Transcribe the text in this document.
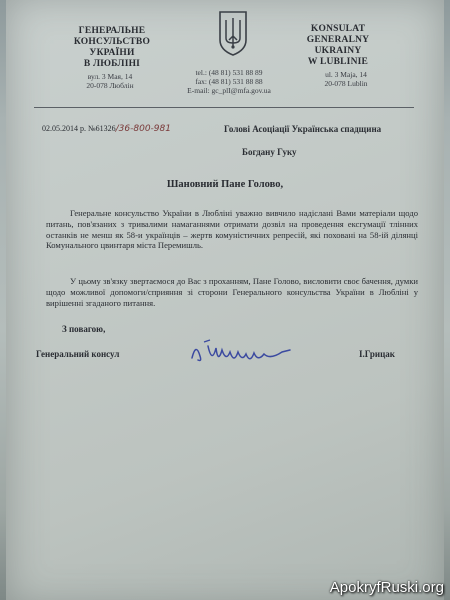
ГЕНЕРАЛЬНЕ
КОНСУЛЬСТВО УКРАЇНИ
В ЛЮБЛІНІ
вул. 3 Мая, 14
20-078 Люблін
tel.: (48 81) 531 88 89
fax: (48 81) 531 88 88
E-mail: gc_plI@mfa.gov.ua
KONSULAT
GENERALNY UKRAINY
W LUBLINIE
ul. 3 Maja, 14
20-078 Lublin
02.05.2014 р. №61326/36-800-981	Голові Асоціації Українська спадщина
Богдану Гуку
Шановний Пане Голово,
Генеральне консульство України в Любліні уважно вивчило надіслані Вами матеріали щодо питань, пов'язаних з тривалими намаганнями отримати дозвіл на проведення ексгумації тлінних останків не менш як 58-и українців – жертв комуністичних репресій, які поховані на 58-ій ділянці Комунального цвинтаря міста Перемишль.
У цьому зв'язку звертаємося до Вас з проханням, Пане Голово, висловити своє бачення, думки щодо можливої допомоги/сприяння зі сторони Генерального консульства України в Любліні у вирішенні згаданого питання.
З повагою,
Генеральний консул	І.Грицак
ApokryfRuski.org
